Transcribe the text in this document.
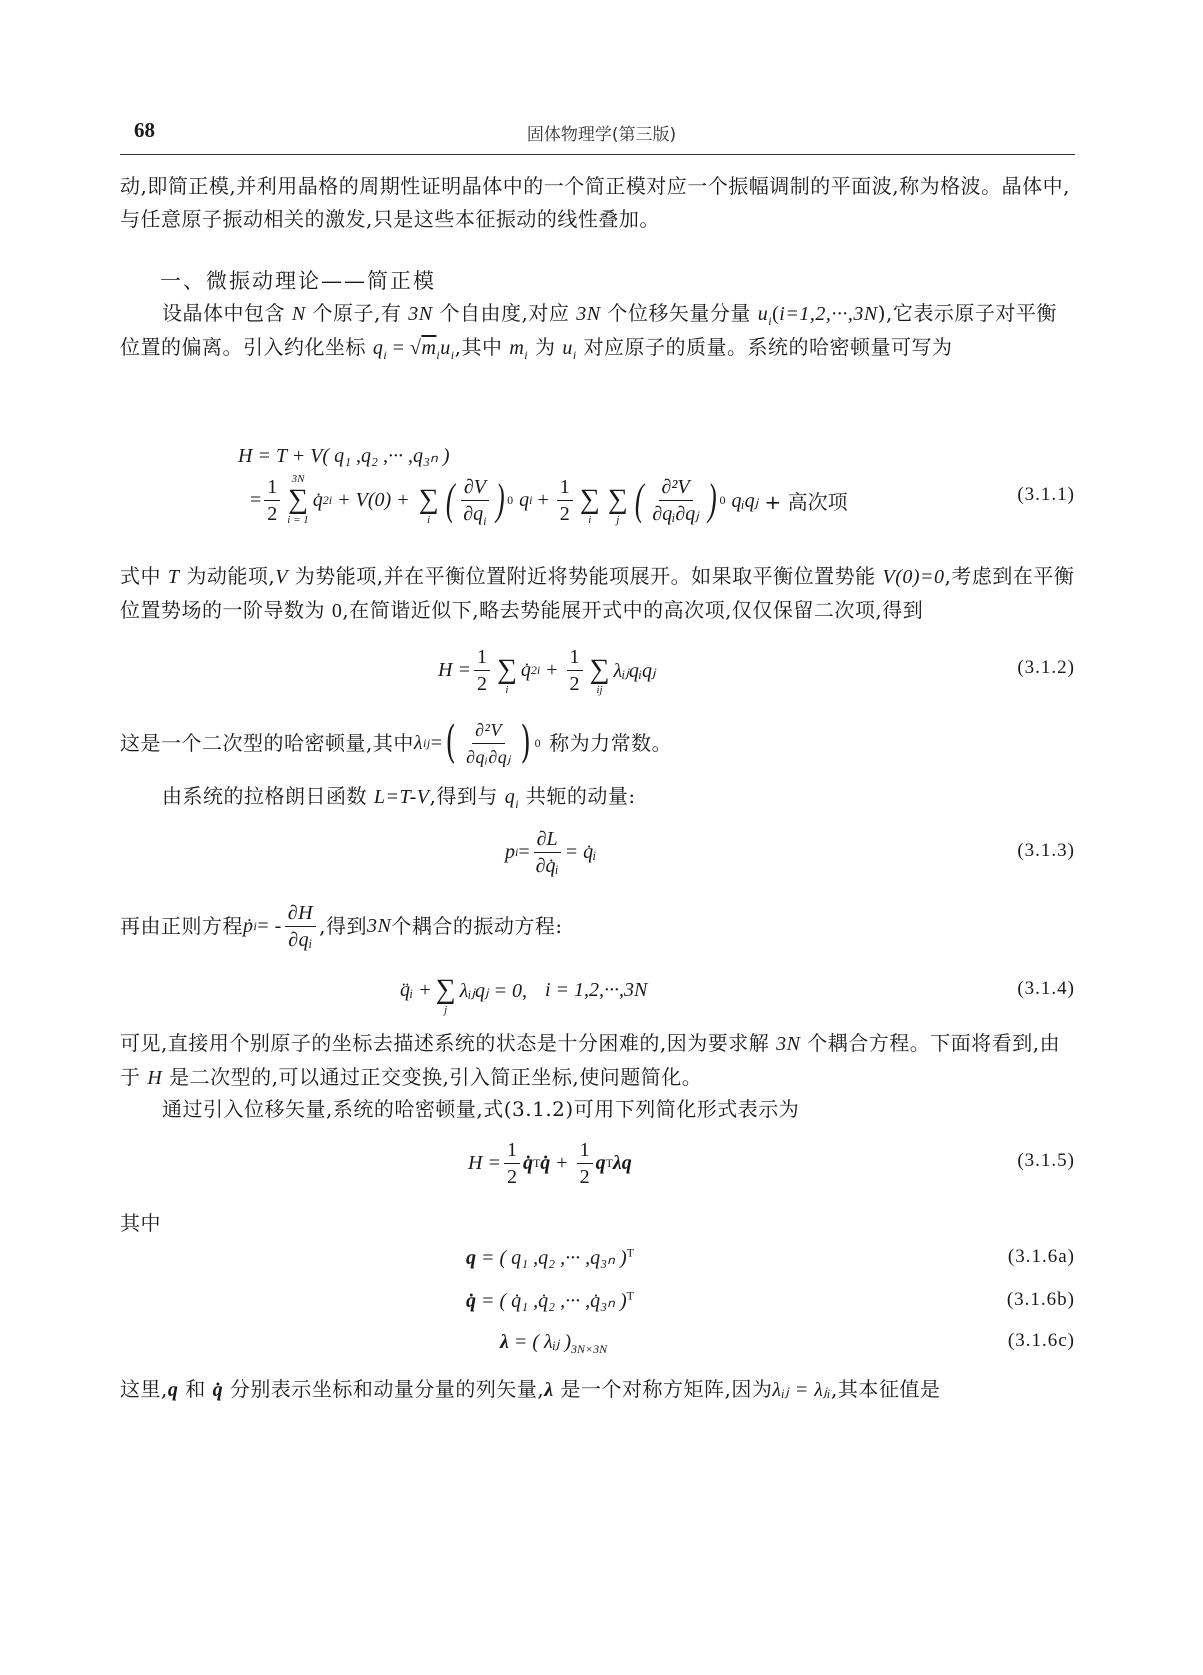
68	固体物理学(第三版)
动,即简正模,并利用晶格的周期性证明晶体中的一个简正模对应一个振幅调制的平面波,称为格波。晶体中,与任意原子振动相关的激发,只是这些本征振动的线性叠加。
一、微振动理论——简正模
设晶体中包含 N 个原子,有 3N 个自由度,对应 3N 个位移矢量分量 $u_i(i=1,2,\cdot\cdot\cdot,3N)$,它表示原子对平衡位置的偏离。引入约化坐标 $q_i = √m_iu_i$,其中 $m_i$ 为 $u_i$ 对应原子的质量。系统的哈密顿量可写为
H = T + V( q₁ ,q₂ ,··· ,q₃ₙ )
= $\frac{1}{2} 3N$
∑
i = 1
q̇ 2 i + V(0) +
∑
i ( $\frac{\partial V}{\partial q_i}$ ) 0 q $i + \frac{1}{2}$
∑
i

∑
j ( $\frac{\text{∂²V}}{\text{∂qᵢ∂qⱼ}}$ ) 0 qᵢqⱼ + 高次项	(3.1.1)
式中 T 为动能项,V 为势能项,并在平衡位置附近将势能项展开。如果取平衡位置势能 V(0)=0,考虑到在平衡位置势场的一阶导数为 0,在简谐近似下,略去势能展开式中的高次项,仅仅保留二次项,得到
$H = \frac{1}{2}$
∑
i
q̇ 2 $i + \frac{1}{2}$
∑
ij
λᵢⱼqᵢqⱼ	(3.1.2)
这是一个二次型的哈密顿量,其中 λ ij = ( $\frac{\text{∂²V}}{\text{∂qᵢ∂qⱼ}}$ ) 0 称为力常数。
由系统的拉格朗日函数 L=T-V,得到与 $q_i$ 共轭的动量:
p $i = \frac{\partial L}{\text{∂q̇ᵢ}}$ = q̇ᵢ	(3.1.3)
再由正则方程 ṗ i = - $\frac{\partial H}{\text{∂qᵢ}}$ ,得到 3N 个耦合的振动方程:
q̈ᵢ +
∑
j
λᵢⱼqⱼ = 0, i = 1,2,···,3N	(3.1.4)
可见,直接用个别原子的坐标去描述系统的状态是十分困难的,因为要求解 3N 个耦合方程。下面将看到,由于 H 是二次型的,可以通过正交变换,引入简正坐标,使问题简化。
通过引入位移矢量,系统的哈密顿量,式(3.1.2)可用下列简化形式表示为
$H = \frac{1}{2}$ q̇ T q̇ + $\frac{1}{2}$ q T λq	(3.1.5)
其中
q = ( q₁ ,q₂ ,··· ,q₃ₙ )$^T$	(3.1.6a)
q̇ = ( q̇₁ ,q̇₂ ,··· ,q̇₃ₙ )$^T$	(3.1.6b)
λ = ( λᵢⱼ )$_{3N\times 3N}$	(3.1.6c)
这里,q 和 q̇ 分别表示坐标和动量分量的列矢量,λ 是一个对称方矩阵,因为λᵢⱼ = λⱼᵢ,其本征值是
